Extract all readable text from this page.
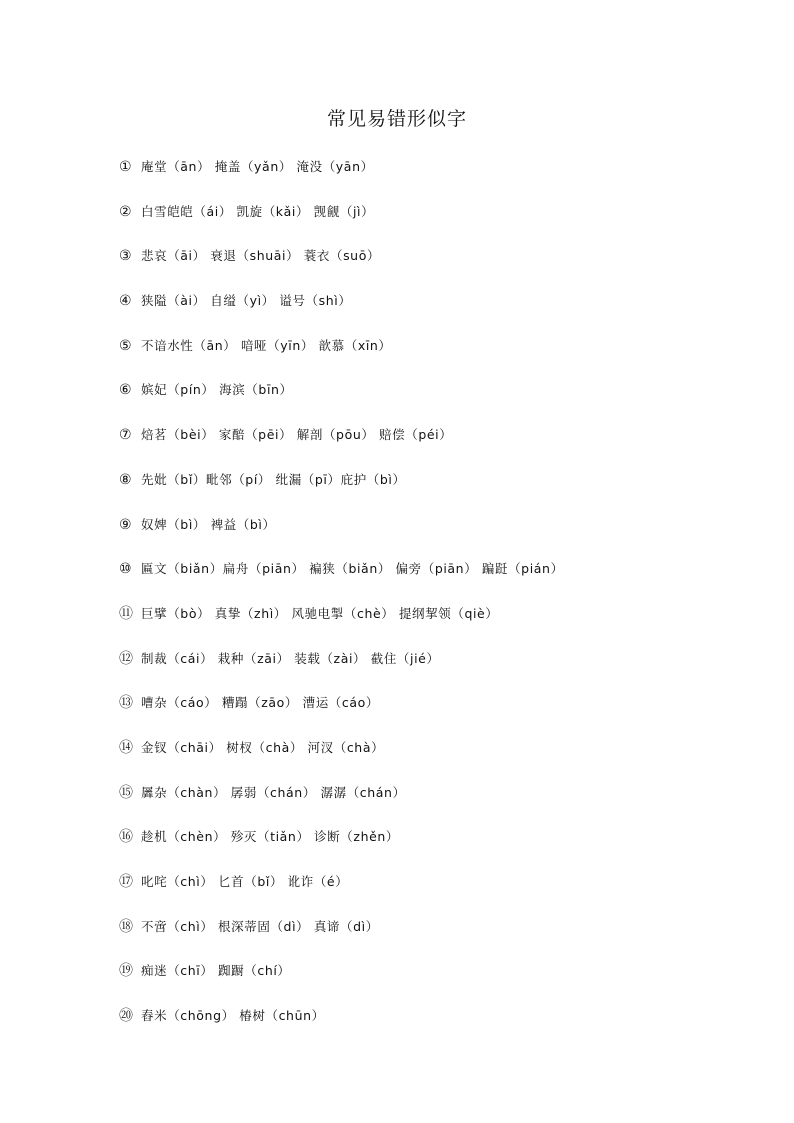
常见易错形似字
① 庵堂（ān） 掩盖（yǎn） 淹没（yān）
② 白雪皑皑（ái） 凯旋（kǎi） 觊觎（jì）
③ 悲哀（āi） 衰退（shuāi） 蓑衣（suō）
④ 狭隘（ài） 自缢（yì） 谥号（shì）
⑤ 不谙水性（ān） 喑哑（yīn） 歆慕（xīn）
⑥ 嫔妃（pín） 海滨（bīn）
⑦ 焙茗（bèi） 家醅（pēi） 解剖（pōu） 赔偿（péi）
⑧ 先妣（bǐ）毗邻（pí） 纰漏（pī）庇护（bì）
⑨ 奴婢（bì） 裨益（bì）
⑩ 匾文（biǎn）扁舟（piān） 褊狭（biǎn） 偏旁（piān） 蹁跹（pián）
⑪ 巨擘（bò） 真挚（zhì） 风驰电掣（chè） 提纲挈领（qiè）
⑫ 制裁（cái） 栽种（zāi） 装载（zài） 截住（jié）
⑬ 嘈杂（cáo） 糟蹋（zāo） 漕运（cáo）
⑭ 金钗（chāi） 树杈（chà） 河汊（chà）
⑮ 羼杂（chàn） 孱弱（chán） 潺潺（chán）
⑯ 趁机（chèn） 殄灭（tiǎn） 诊断（zhěn）
⑰ 叱咤（chì） 匕首（bǐ） 讹诈（é）
⑱ 不啻（chì） 根深蒂固（dì） 真谛（dì）
⑲ 痴迷（chī） 踟蹰（chí）
⑳ 舂米（chōng） 椿树（chūn）
